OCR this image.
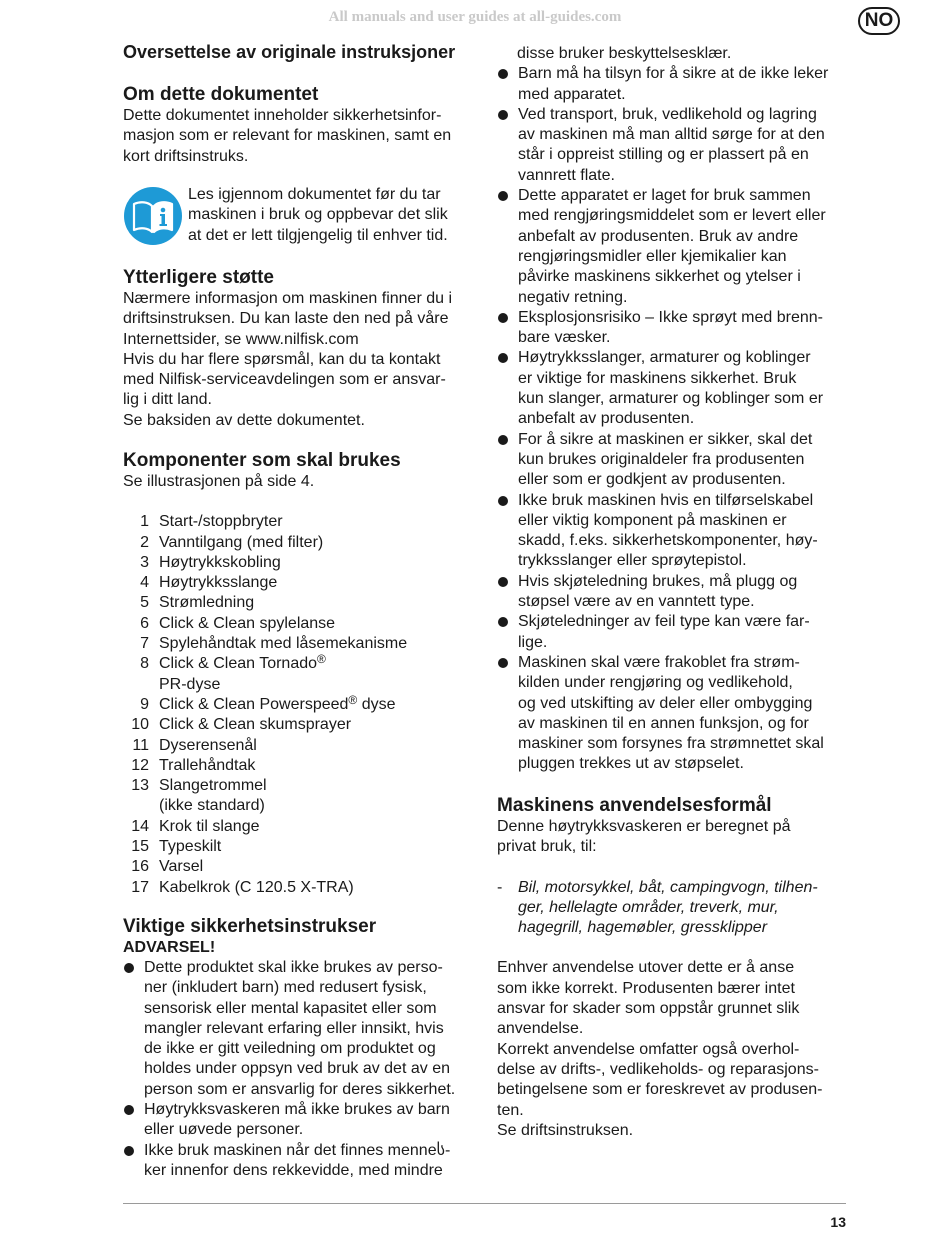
All manuals and user guides at all-guides.com	NO

Oversettelse av originale instruksjoner

Om dette dokumentet

Dette dokumentet inneholder sikkerhetsinfor-

masjon som er relevant for maskinen, samt en

kort driftsinstruks.

Les igjennom dokumentet før du tar

maskinen i bruk og oppbevar det slik

at det er lett tilgjengelig til enhver tid.

Ytterligere støtte

Nærmere informasjon om maskinen finner du i

driftsinstruksen. Du kan laste den ned på våre

Internettsider, se www.nilfisk.com

Hvis du har flere spørsmål, kan du ta kontakt

med Nilfisk-serviceavdelingen som er ansvar-

lig i ditt land.

Se baksiden av dette dokumentet.

Komponenter som skal brukes

Se illustrasjonen på side 4.

1 Start-/stoppbryter
2 Vanntilgang (med filter)
3 Høytrykkskobling
4 Høytrykksslange
5 Strømledning
6 Click & Clean spylelanse
7 Spylehåndtak med låsemekanisme
8 Click & Clean Tornado®
PR-dyse
9 Click & Clean Powerspeed® dyse
10 Click & Clean skumsprayer
11 Dyserensenål
12 Trallehåndtak
13 Slangetrommel
(ikke standard)
14 Krok til slange
15 Typeskilt
16 Varsel
17 Kabelkrok (C 120.5 X-TRA)

Viktige sikkerhetsinstrukser

ADVARSEL!

Dette produktet skal ikke brukes av perso-

ner (inkludert barn) med redusert fysisk,

sensorisk eller mental kapasitet eller som

mangler relevant erfaring eller innsikt, hvis

de ikke er gitt veiledning om produktet og

holdes under oppsyn ved bruk av det av en

person som er ansvarlig for deres sikkerhet.

Høytrykksvaskeren må ikke brukes av barn

eller uøvede personer.

Ikke bruk maskinen når det finnes menneს-

ker innenfor dens rekkevidde, med mindre

disse bruker beskyttelsesklær.

Barn må ha tilsyn for å sikre at de ikke leker

med apparatet.

Ved transport, bruk, vedlikehold og lagring

av maskinen må man alltid sørge for at den

står i oppreist stilling og er plassert på en

vannrett flate.

Dette apparatet er laget for bruk sammen

med rengjøringsmiddelet som er levert eller

anbefalt av produsenten. Bruk av andre

rengjøringsmidler eller kjemikalier kan

påvirke maskinens sikkerhet og ytelser i

negativ retning.

Eksplosjonsrisiko – Ikke sprøyt med brenn-

bare væsker.

Høytrykksslanger, armaturer og koblinger

er viktige for maskinens sikkerhet. Bruk

kun slanger, armaturer og koblinger som er

anbefalt av produsenten.

For å sikre at maskinen er sikker, skal det

kun brukes originaldeler fra produsenten

eller som er godkjent av produsenten.

Ikke bruk maskinen hvis en tilførselskabel

eller viktig komponent på maskinen er

skadd, f.eks. sikkerhetskomponenter, høy-

trykksslanger eller sprøytepistol.

Hvis skjøteledning brukes, må plugg og

støpsel være av en vanntett type.

Skjøteledninger av feil type kan være far-

lige.

Maskinen skal være frakoblet fra strøm-

kilden under rengjøring og vedlikehold,

og ved utskifting av deler eller ombygging

av maskinen til en annen funksjon, og for

maskiner som forsynes fra strømnettet skal

pluggen trekkes ut av støpselet.

Maskinens anvendelsesformål

Denne høytrykksvaskeren er beregnet på

privat bruk, til:

- Bil, motorsykkel, båt, campingvogn, tilhen-

ger, hellelagte områder, treverk, mur,

hagegrill, hagemøbler, gressklipper

Enhver anvendelse utover dette er å anse

som ikke korrekt. Produsenten bærer intet

ansvar for skader som oppstår grunnet slik

anvendelse.

Korrekt anvendelse omfatter også overhol-

delse av drifts-, vedlikeholds- og reparasjons-

betingelsene som er foreskrevet av produsen-

ten.

Se driftsinstruksen.

13
